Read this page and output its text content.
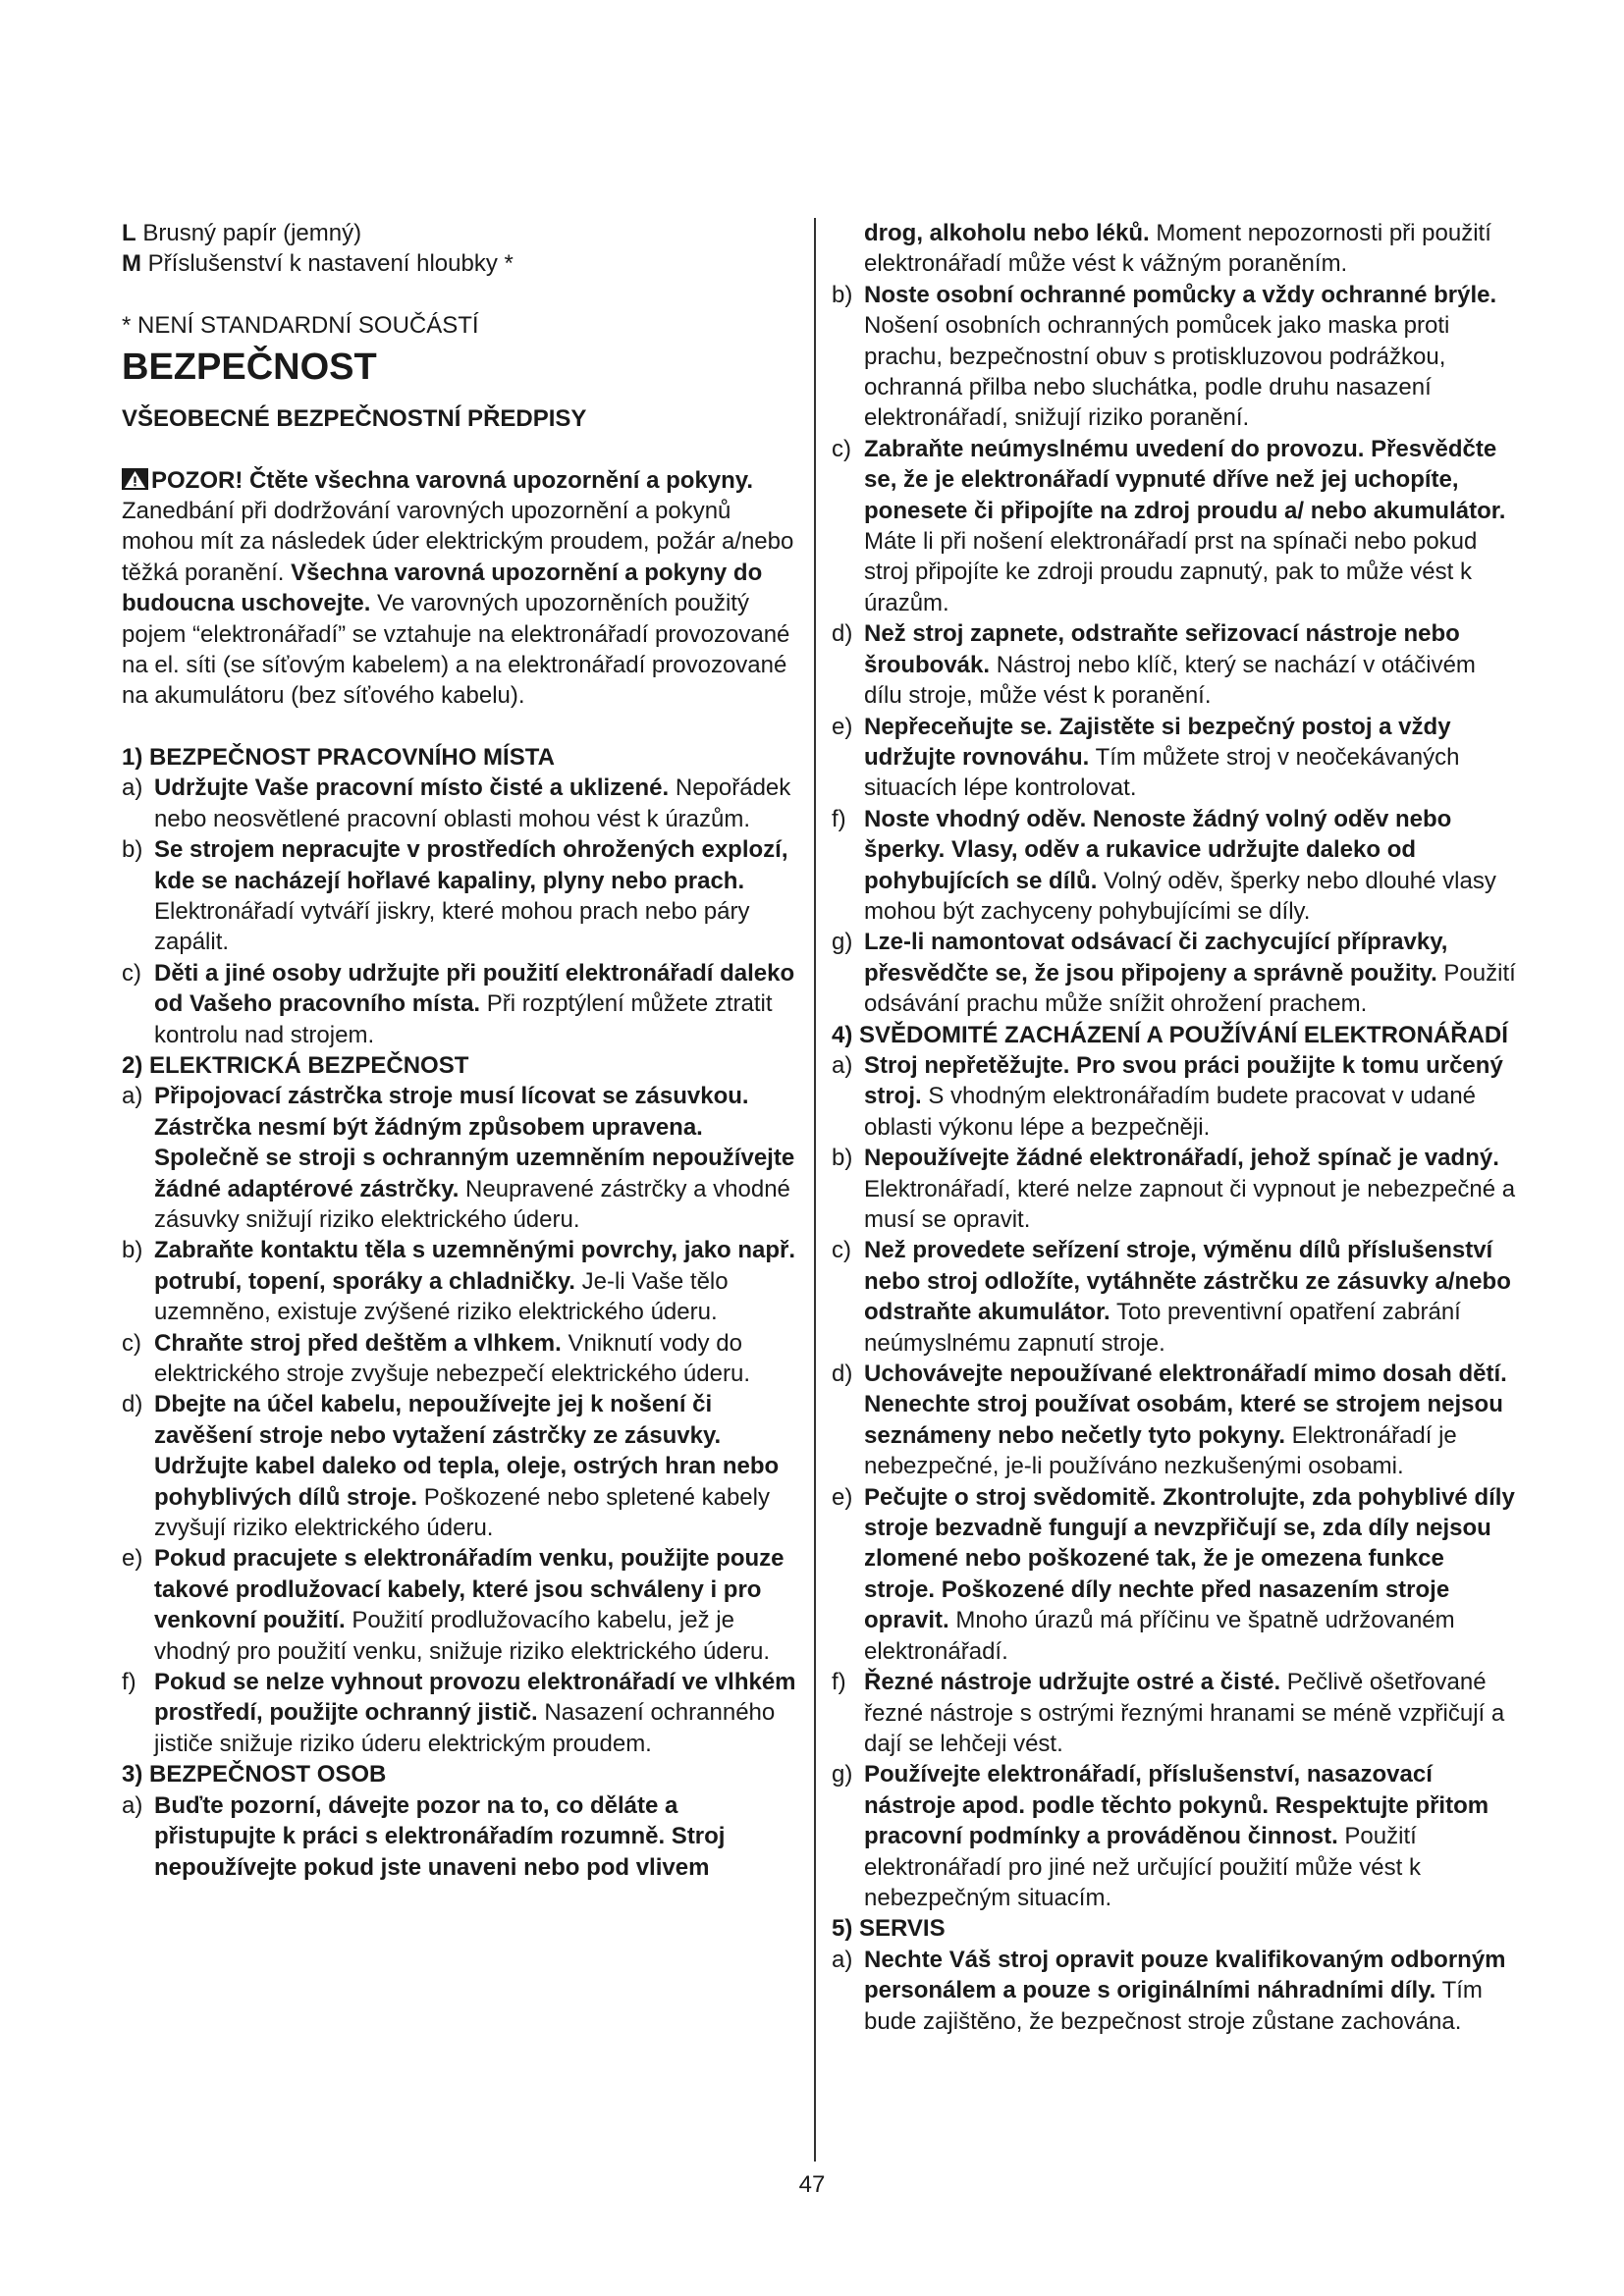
L Brusný papír (jemný)

M Příslušenství k nastavení hloubky *

* NENÍ STANDARDNÍ SOUČÁSTÍ

BEZPEČNOST

VŠEOBECNÉ BEZPEČNOSTNÍ PŘEDPISY

POZOR! Čtěte všechna varovná upozornění a pokyny. Zanedbání při dodržování varovných upozornění a pokynů mohou mít za následek úder elektrickým proudem, požár a/nebo těžká poranění. Všechna varovná upozornění a pokyny do budoucna uschovejte. Ve varovných upozorněních použitý pojem “elektronářadí” se vztahuje na elektronářadí provozované na el. síti (se síťovým kabelem) a na elektronářadí provozované na akumulátoru (bez síťového kabelu).

1) BEZPEČNOST PRACOVNÍHO MÍSTA

a) Udržujte Vaše pracovní místo čisté a uklizené. Nepořádek nebo neosvětlené pracovní oblasti mohou vést k úrazům.

b) Se strojem nepracujte v prostředích ohrožených explozí, kde se nacházejí hořlavé kapaliny, plyny nebo prach. Elektronářadí vytváří jiskry, které mohou prach nebo páry zapálit.

c) Děti a jiné osoby udržujte při použití elektronářadí daleko od Vašeho pracovního místa. Při rozptýlení můžete ztratit kontrolu nad strojem.

2) ELEKTRICKÁ BEZPEČNOST

a) Připojovací zástrčka stroje musí lícovat se zásuvkou. Zástrčka nesmí být žádným způsobem upravena. Společně se stroji s ochranným uzemněním nepoužívejte žádné adaptérové zástrčky. Neupravené zástrčky a vhodné zásuvky snižují riziko elektrického úderu.

b) Zabraňte kontaktu těla s uzemněnými povrchy, jako např. potrubí, topení, sporáky a chladničky. Je-li Vaše tělo uzemněno, existuje zvýšené riziko elektrického úderu.

c) Chraňte stroj před deštěm a vlhkem. Vniknutí vody do elektrického stroje zvyšuje nebezpečí elektrického úderu.

d) Dbejte na účel kabelu, nepoužívejte jej k nošení či zavěšení stroje nebo vytažení zástrčky ze zásuvky. Udržujte kabel daleko od tepla, oleje, ostrých hran nebo pohyblivých dílů stroje. Poškozené nebo spletené kabely zvyšují riziko elektrického úderu.

e) Pokud pracujete s elektronářadím venku, použijte pouze takové prodlužovací kabely, které jsou schváleny i pro venkovní použití. Použití prodlužovacího kabelu, jež je vhodný pro použití venku, snižuje riziko elektrického úderu.

f) Pokud se nelze vyhnout provozu elektronářadí ve vlhkém prostředí, použijte ochranný jistič. Nasazení ochranného jističe snižuje riziko úderu elektrickým proudem.

3) BEZPEČNOST OSOB

a) Buďte pozorní, dávejte pozor na to, co děláte a přistupujte k práci s elektronářadím rozumně. Stroj nepoužívejte pokud jste unaveni nebo pod vlivem

drog, alkoholu nebo léků. Moment nepozornosti při použití elektronářadí může vést k vážným poraněním.

b) Noste osobní ochranné pomůcky a vždy ochranné brýle. Nošení osobních ochranných pomůcek jako maska proti prachu, bezpečnostní obuv s protiskluzovou podrážkou, ochranná přilba nebo sluchátka, podle druhu nasazení elektronářadí, snižují riziko poranění.

c) Zabraňte neúmyslnému uvedení do provozu. Přesvědčte se, že je elektronářadí vypnuté dříve než jej uchopíte, ponesete či připojíte na zdroj proudu a/ nebo akumulátor. Máte li při nošení elektronářadí prst na spínači nebo pokud stroj připojíte ke zdroji proudu zapnutý, pak to může vést k úrazům.

d) Než stroj zapnete, odstraňte seřizovací nástroje nebo šroubovák. Nástroj nebo klíč, který se nachází v otáčivém dílu stroje, může vést k poranění.

e) Nepřeceňujte se. Zajistěte si bezpečný postoj a vždy udržujte rovnováhu. Tím můžete stroj v neočekávaných situacích lépe kontrolovat.

f) Noste vhodný oděv. Nenoste žádný volný oděv nebo šperky. Vlasy, oděv a rukavice udržujte daleko od pohybujících se dílů. Volný oděv, šperky nebo dlouhé vlasy mohou být zachyceny pohybujícími se díly.

g) Lze-li namontovat odsávací či zachycující přípravky, přesvědčte se, že jsou připojeny a správně použity. Použití odsávání prachu může snížit ohrožení prachem.

4) SVĚDOMITÉ ZACHÁZENÍ A POUŽÍVÁNÍ ELEKTRONÁŘADÍ

a) Stroj nepřetěžujte. Pro svou práci použijte k tomu určený stroj. S vhodným elektronářadím budete pracovat v udané oblasti výkonu lépe a bezpečněji.

b) Nepoužívejte žádné elektronářadí, jehož spínač je vadný. Elektronářadí, které nelze zapnout či vypnout je nebezpečné a musí se opravit.

c) Než provedete seřízení stroje, výměnu dílů příslušenství nebo stroj odložíte, vytáhněte zástrčku ze zásuvky a/nebo odstraňte akumulátor. Toto preventivní opatření zabrání neúmyslnému zapnutí stroje.

d) Uchovávejte nepoužívané elektronářadí mimo dosah dětí. Nenechte stroj používat osobám, které se strojem nejsou seznámeny nebo nečetly tyto pokyny. Elektronářadí je nebezpečné, je-li používáno nezkušenými osobami.

e) Pečujte o stroj svědomitě. Zkontrolujte, zda pohyblivé díly stroje bezvadně fungují a nevzpřičují se, zda díly nejsou zlomené nebo poškozené tak, že je omezena funkce stroje. Poškozené díly nechte před nasazením stroje opravit. Mnoho úrazů má příčinu ve špatně udržovaném elektronářadí.

f) Řezné nástroje udržujte ostré a čisté. Pečlivě ošetřované řezné nástroje s ostrými řeznými hranami se méně vzpřičují a dají se lehčeji vést.

g) Používejte elektronářadí, příslušenství, nasazovací nástroje apod. podle těchto pokynů. Respektujte přitom pracovní podmínky a prováděnou činnost. Použití elektronářadí pro jiné než určující použití může vést k nebezpečným situacím.

5) SERVIS

a) Nechte Váš stroj opravit pouze kvalifikovaným odborným personálem a pouze s originálními náhradními díly. Tím bude zajištěno, že bezpečnost stroje zůstane zachována.

47
